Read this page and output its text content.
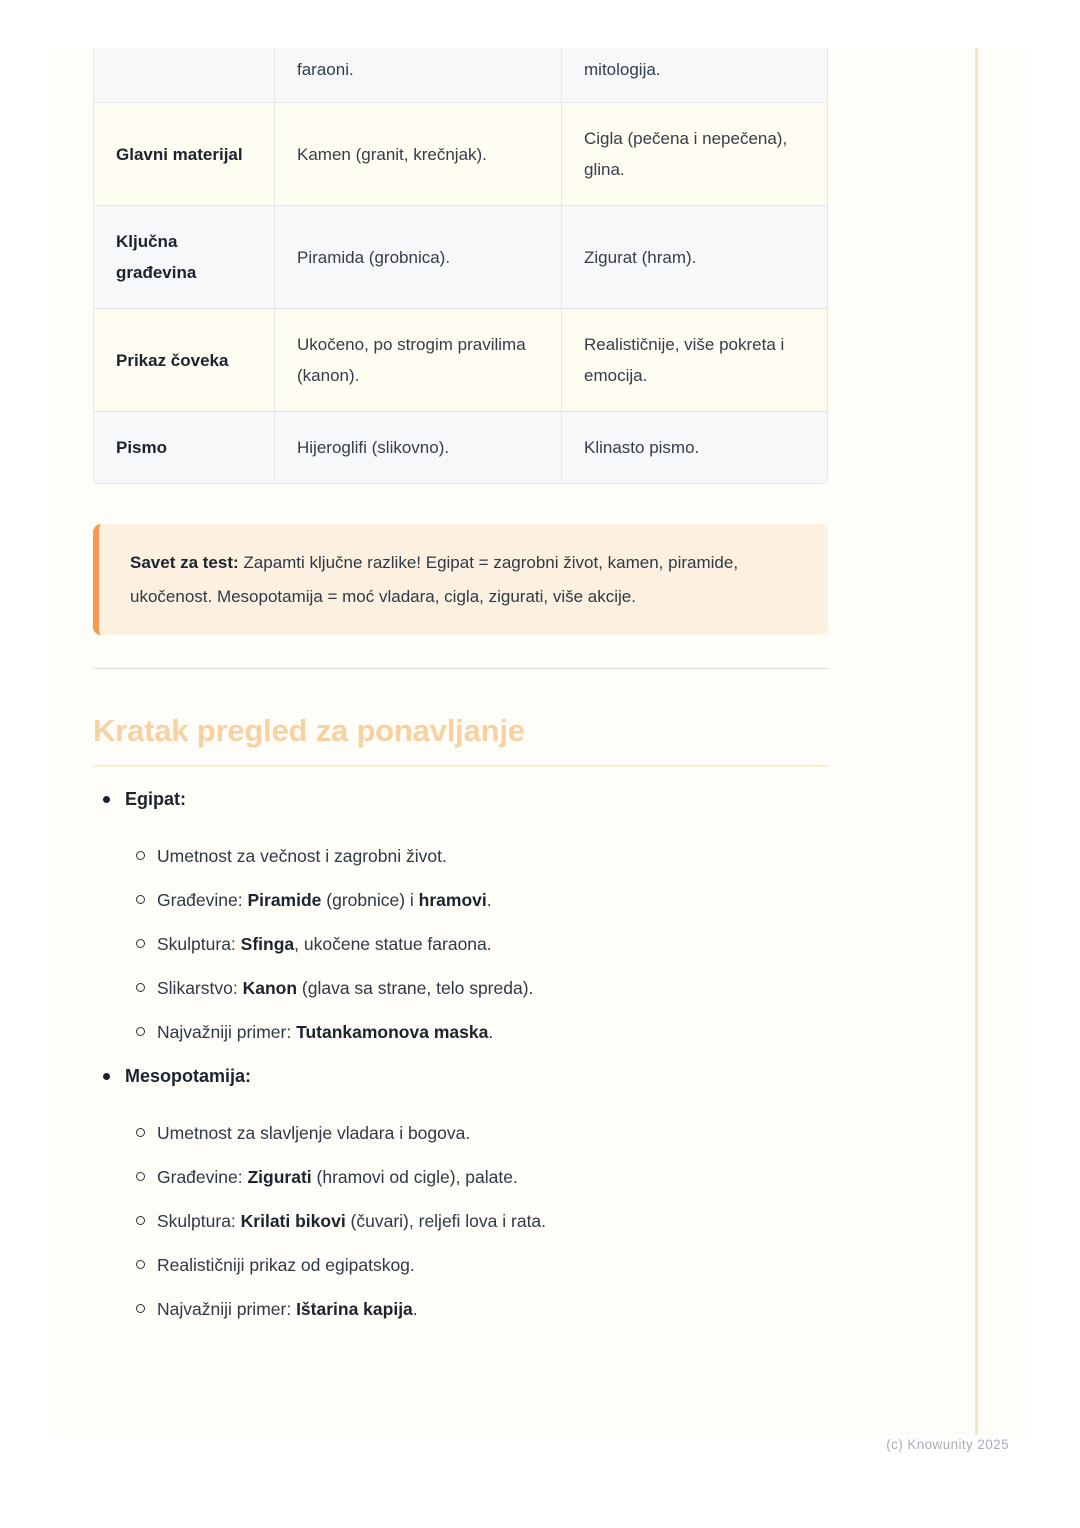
	faraoni.	mitologija.
Glavni materijal	Kamen (granit, krečnjak).	Cigla (pečena i nepečena), glina.
Ključna građevina	Piramida (grobnica).	Zigurat (hram).
Prikaz čoveka	Ukočeno, po strogim pravilima (kanon).	Realističnije, više pokreta i emocija.
Pismo	Hijeroglifi (slikovno).	Klinasto pismo.

Savet za test: Zapamti ključne razlike! Egipat = zagrobni život, kamen, piramide, ukočenost. Mesopotamija = moć vladara, cigla, zigurati, više akcije.

Kratak pregled za ponavljanje
Egipat:
Umetnost za večnost i zagrobni život.
Građevine: Piramide (grobnice) i hramovi.
Skulptura: Sfinga, ukočene statue faraona.
Slikarstvo: Kanon (glava sa strane, telo spreda).
Najvažniji primer: Tutankamonova maska.
Mesopotamija:
Umetnost za slavljenje vladara i bogova.
Građevine: Zigurati (hramovi od cigle), palate.
Skulptura: Krilati bikovi (čuvari), reljefi lova i rata.
Realističniji prikaz od egipatskog.
Najvažniji primer: Ištarina kapija.
(c) Knowunity 2025
